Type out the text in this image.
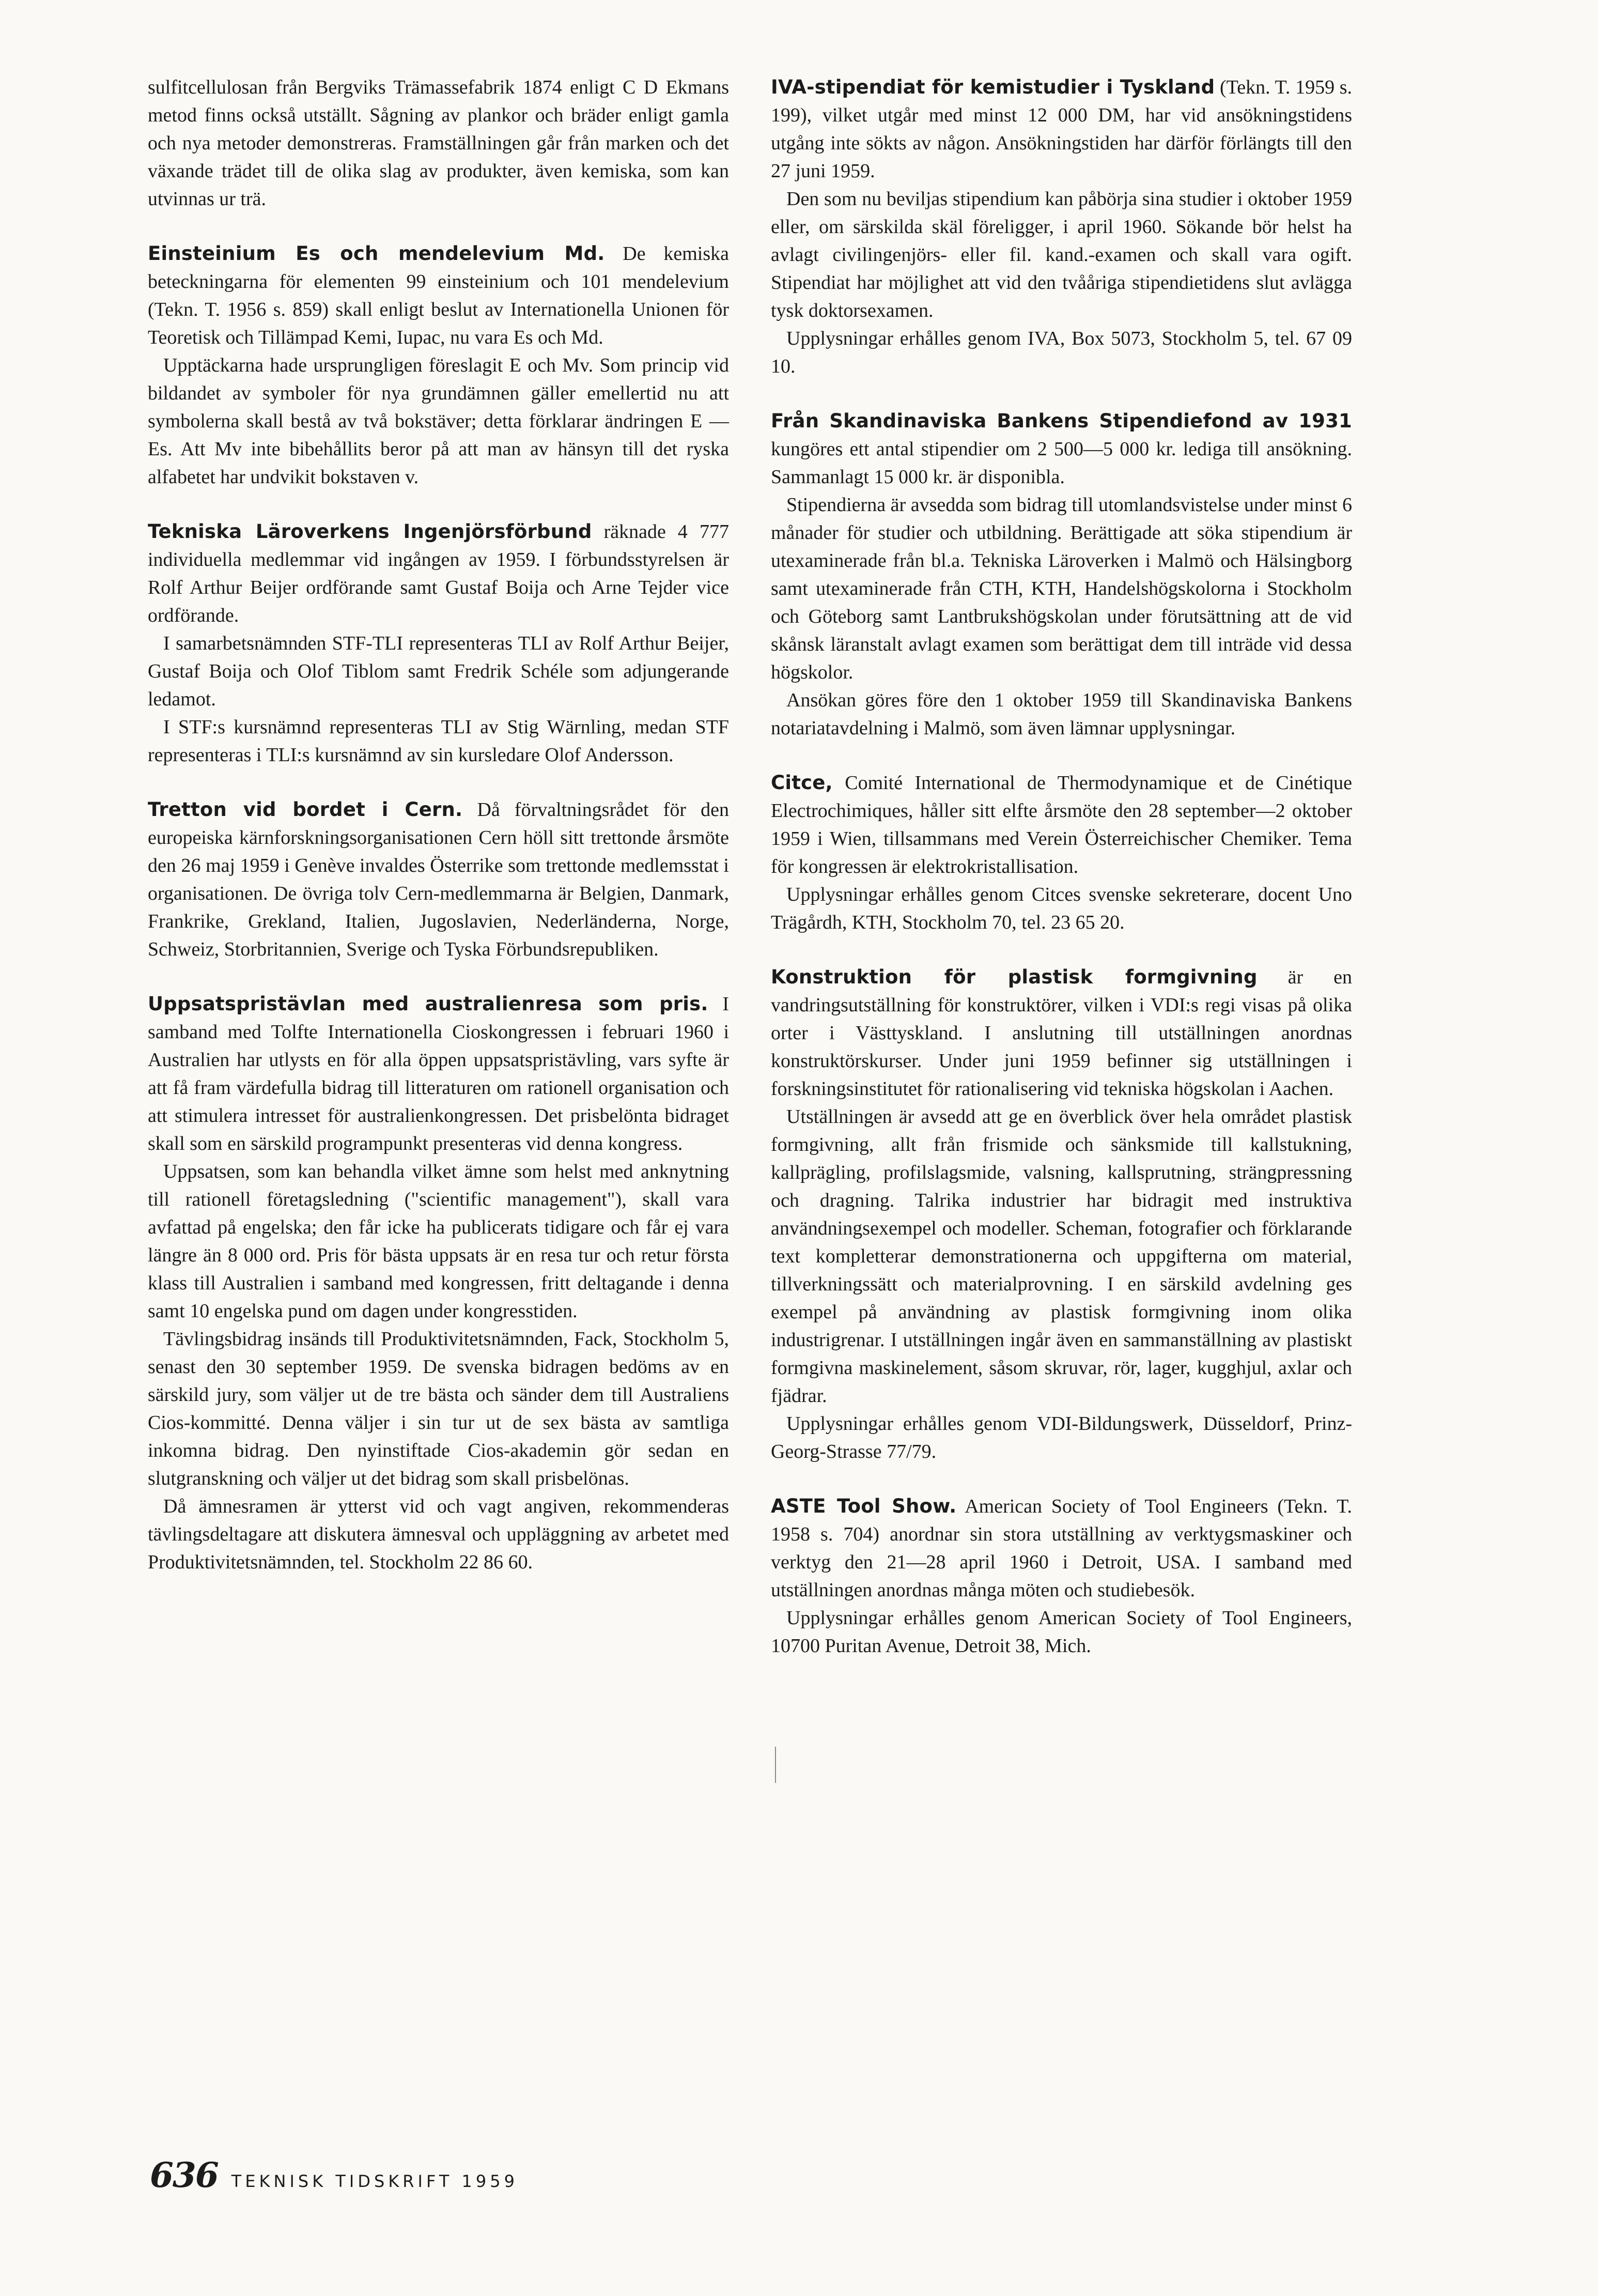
sulfitcellulosan från Bergviks Trämassefabrik 1874 enligt C D Ekmans metod finns också utställt. Sågning av plankor och bräder enligt gamla och nya metoder demonstreras. Framställningen går från marken och det växande trädet till de olika slag av produkter, även kemiska, som kan utvinnas ur trä.

Einsteinium Es och mendelevium Md. De kemiska beteckningarna för elementen 99 einsteinium och 101 mendelevium (Tekn. T. 1956 s. 859) skall enligt beslut av Internationella Unionen för Teoretisk och Tillämpad Kemi, Iupac, nu vara Es och Md.

Upptäckarna hade ursprungligen föreslagit E och Mv. Som princip vid bildandet av symboler för nya grundämnen gäller emellertid nu att symbolerna skall bestå av två bokstäver; detta förklarar ändringen E — Es. Att Mv inte bibehållits beror på att man av hänsyn till det ryska alfabetet har undvikit bokstaven v.

Tekniska Läroverkens Ingenjörsförbund räknade 4 777 individuella medlemmar vid ingången av 1959. I förbundsstyrelsen är Rolf Arthur Beijer ordförande samt Gustaf Boija och Arne Tejder vice ordförande.

I samarbetsnämnden STF-TLI representeras TLI av Rolf Arthur Beijer, Gustaf Boija och Olof Tiblom samt Fredrik Schéle som adjungerande ledamot.

I STF:s kursnämnd representeras TLI av Stig Wärnling, medan STF representeras i TLI:s kursnämnd av sin kursledare Olof Andersson.

Tretton vid bordet i Cern. Då förvaltningsrådet för den europeiska kärnforskningsorganisationen Cern höll sitt trettonde årsmöte den 26 maj 1959 i Genève invaldes Österrike som trettonde medlemsstat i organisationen. De övriga tolv Cern-medlemmarna är Belgien, Danmark, Frankrike, Grekland, Italien, Jugoslavien, Nederländerna, Norge, Schweiz, Storbritannien, Sverige och Tyska Förbundsrepubliken.

Uppsatspristävlan med australienresa som pris. I samband med Tolfte Internationella Cioskongressen i februari 1960 i Australien har utlysts en för alla öppen uppsatspristävling, vars syfte är att få fram värdefulla bidrag till litteraturen om rationell organisation och att stimulera intresset för australienkongressen. Det prisbelönta bidraget skall som en särskild programpunkt presenteras vid denna kongress.

Uppsatsen, som kan behandla vilket ämne som helst med anknytning till rationell företagsledning ("scientific management"), skall vara avfattad på engelska; den får icke ha publicerats tidigare och får ej vara längre än 8 000 ord. Pris för bästa uppsats är en resa tur och retur första klass till Australien i samband med kongressen, fritt deltagande i denna samt 10 engelska pund om dagen under kongresstiden.

Tävlingsbidrag insänds till Produktivitetsnämnden, Fack, Stockholm 5, senast den 30 september 1959. De svenska bidragen bedöms av en särskild jury, som väljer ut de tre bästa och sänder dem till Australiens Cios-kommitté. Denna väljer i sin tur ut de sex bästa av samtliga inkomna bidrag. Den nyinstiftade Cios-akademin gör sedan en slutgranskning och väljer ut det bidrag som skall prisbelönas.

Då ämnesramen är ytterst vid och vagt angiven, rekommenderas tävlingsdeltagare att diskutera ämnesval och uppläggning av arbetet med Produktivitetsnämnden, tel. Stockholm 22 86 60.

IVA-stipendiat för kemistudier i Tyskland (Tekn. T. 1959 s. 199), vilket utgår med minst 12 000 DM, har vid ansökningstidens utgång inte sökts av någon. Ansökningstiden har därför förlängts till den 27 juni 1959.

Den som nu beviljas stipendium kan påbörja sina studier i oktober 1959 eller, om särskilda skäl föreligger, i april 1960. Sökande bör helst ha avlagt civilingenjörs- eller fil. kand.-examen och skall vara ogift. Stipendiat har möjlighet att vid den tvååriga stipendietidens slut avlägga tysk doktorsexamen.

Upplysningar erhålles genom IVA, Box 5073, Stockholm 5, tel. 67 09 10.

Från Skandinaviska Bankens Stipendiefond av 1931 kungöres ett antal stipendier om 2 500—5 000 kr. lediga till ansökning. Sammanlagt 15 000 kr. är disponibla.

Stipendierna är avsedda som bidrag till utomlandsvistelse under minst 6 månader för studier och utbildning. Berättigade att söka stipendium är utexaminerade från bl.a. Tekniska Läroverken i Malmö och Hälsingborg samt utexaminerade från CTH, KTH, Handelshögskolorna i Stockholm och Göteborg samt Lantbrukshögskolan under förutsättning att de vid skånsk läranstalt avlagt examen som berättigat dem till inträde vid dessa högskolor.

Ansökan göres före den 1 oktober 1959 till Skandinaviska Bankens notariatavdelning i Malmö, som även lämnar upplysningar.

Citce, Comité International de Thermodynamique et de Cinétique Electrochimiques, håller sitt elfte årsmöte den 28 september—2 oktober 1959 i Wien, tillsammans med Verein Österreichischer Chemiker. Tema för kongressen är elektrokristallisation.

Upplysningar erhålles genom Citces svenske sekreterare, docent Uno Trägårdh, KTH, Stockholm 70, tel. 23 65 20.

Konstruktion för plastisk formgivning är en vandringsutställning för konstruktörer, vilken i VDI:s regi visas på olika orter i Västtyskland. I anslutning till utställningen anordnas konstruktörskurser. Under juni 1959 befinner sig utställningen i forskningsinstitutet för rationalisering vid tekniska högskolan i Aachen.

Utställningen är avsedd att ge en överblick över hela området plastisk formgivning, allt från frismide och sänksmide till kallstukning, kallprägling, profilslagsmide, valsning, kallsprutning, strängpressning och dragning. Talrika industrier har bidragit med instruktiva användningsexempel och modeller. Scheman, fotografier och förklarande text kompletterar demonstrationerna och uppgifterna om material, tillverkningssätt och materialprovning. I en särskild avdelning ges exempel på användning av plastisk formgivning inom olika industrigrenar. I utställningen ingår även en sammanställning av plastiskt formgivna maskinelement, såsom skruvar, rör, lager, kugghjul, axlar och fjädrar.

Upplysningar erhålles genom VDI-Bildungswerk, Düsseldorf, Prinz-Georg-Strasse 77/79.

ASTE Tool Show. American Society of Tool Engineers (Tekn. T. 1958 s. 704) anordnar sin stora utställning av verktygsmaskiner och verktyg den 21—28 april 1960 i Detroit, USA. I samband med utställningen anordnas många möten och studiebesök.

Upplysningar erhålles genom American Society of Tool Engineers, 10700 Puritan Avenue, Detroit 38, Mich.

636 TEKNISK TIDSKRIFT 1959
